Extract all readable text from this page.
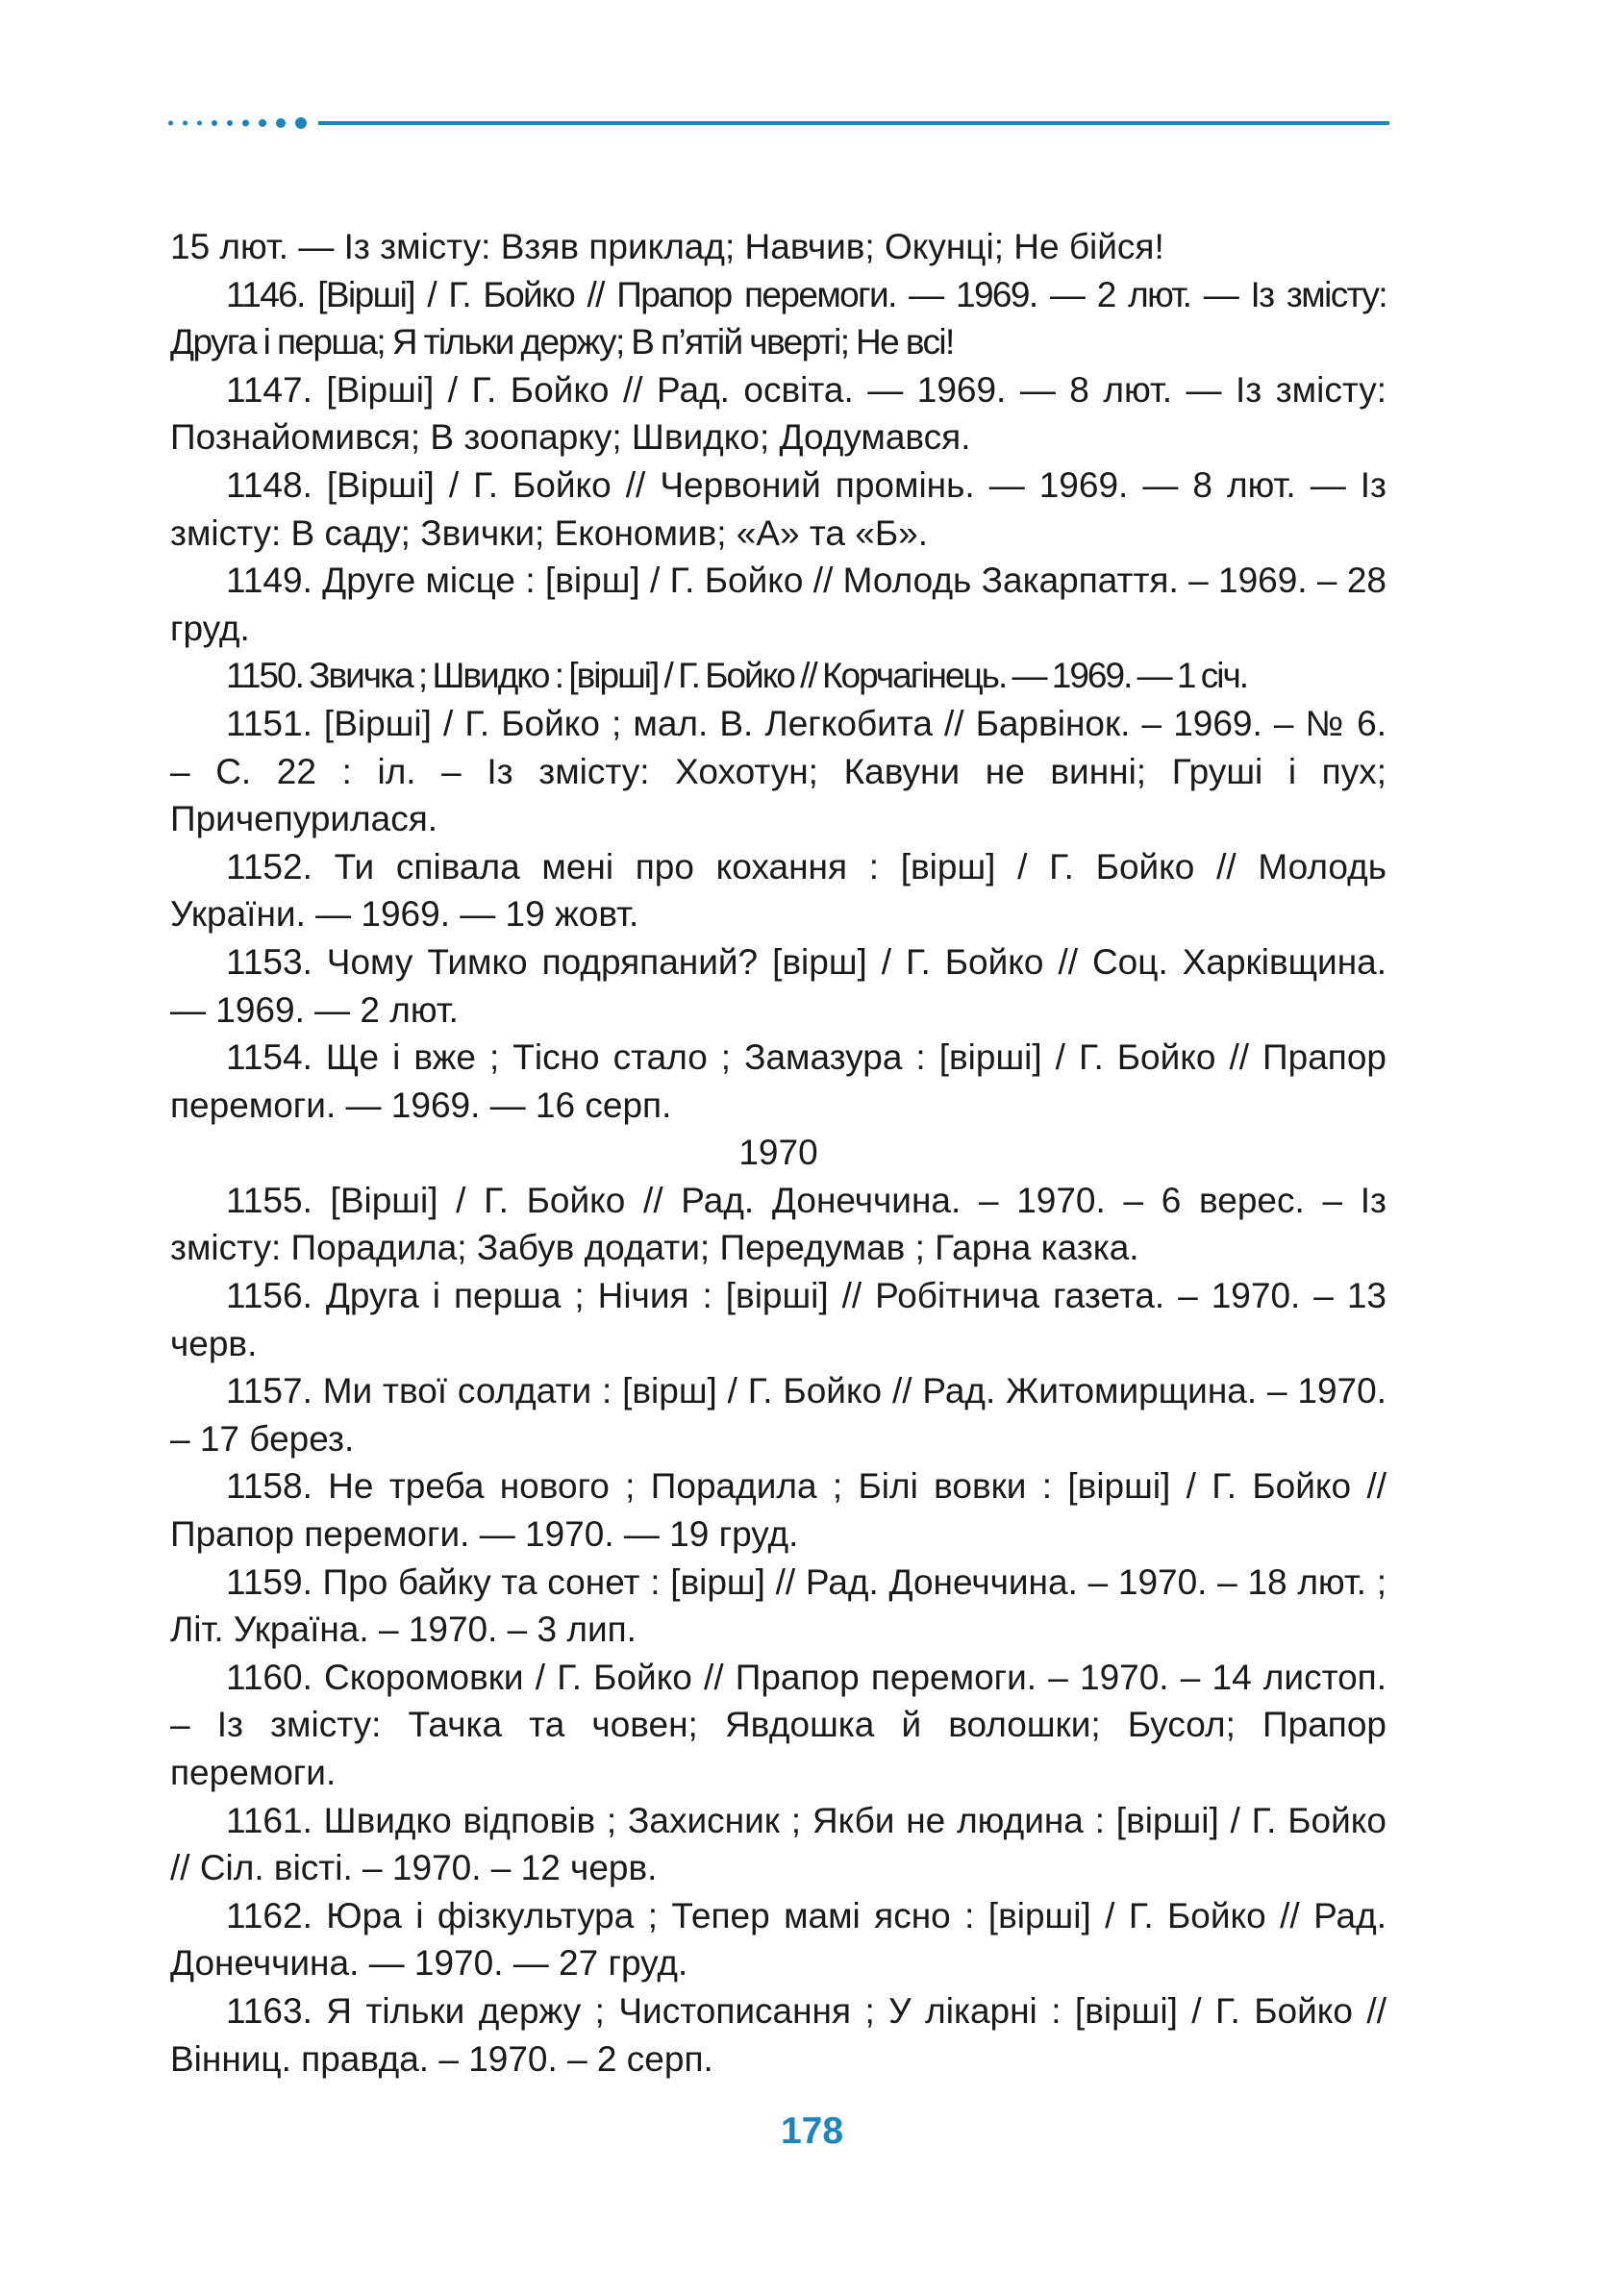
15 лют. — Із змісту: Взяв приклад; Навчив; Окунці; Не бійся!

1146. [Вірші] / Г. Бойко // Прапор перемоги. — 1969. — 2 лют. — Із змісту: Друга і перша; Я тільки держу; В п’ятій чверті; Не всі!

1147. [Вірші] / Г. Бойко // Рад. освіта. — 1969. — 8 лют. — Із змісту: Познайомився; В зоопарку; Швидко; Додумався.

1148. [Вірші] / Г. Бойко // Червоний промінь. — 1969. — 8 лют. — Із змісту: В саду; Звички; Економив; «А» та «Б».

1149. Друге місце : [вірш] / Г. Бойко // Молодь Закарпаття. – 1969. – 28 груд.

1150. Звичка ; Швидко : [вірші] / Г. Бойко // Корчагінець. — 1969. — 1 січ.

1151. [Вірші] / Г. Бойко ; мал. В. Легкобита // Барвінок. – 1969. – № 6. – С. 22 : іл. – Із змісту: Хохотун; Кавуни не винні; Груші і пух; Причепурилася.

1152. Ти співала мені про кохання : [вірш] / Г. Бойко // Молодь України. — 1969. — 19 жовт.

1153. Чому Тимко подряпаний? [вірш] / Г. Бойко // Соц. Харківщина. — 1969. — 2 лют.

1154. Ще і вже ; Тісно стало ; Замазура : [вірші] / Г. Бойко // Прапор перемоги. — 1969. — 16 серп.

1970

1155. [Вірші] / Г. Бойко // Рад. Донеччина. – 1970. – 6 верес. – Із змісту: Порадила; Забув додати; Передумав ; Гарна казка.

1156. Друга і перша ; Нічия : [вірші] // Робітнича газета. – 1970. – 13 черв.

1157. Ми твої солдати : [вірш] / Г. Бойко // Рад. Житомирщина. – 1970. – 17 берез.

1158. Не треба нового ; Порадила ; Білі вовки : [вірші] / Г. Бойко // Прапор перемоги. — 1970. — 19 груд.

1159. Про байку та сонет : [вірш] // Рад. Донеччина. – 1970. – 18 лют. ; Літ. Україна. – 1970. – 3 лип.

1160. Скоромовки / Г. Бойко // Прапор перемоги. – 1970. – 14 листоп. – Із змісту: Тачка та човен; Явдошка й волошки; Бусол; Прапор перемоги.

1161. Швидко відповів ; Захисник ; Якби не людина : [вірші] / Г. Бойко // Сіл. вісті. – 1970. – 12 черв.

1162. Юра і фізкультура ; Тепер мамі ясно : [вірші] / Г. Бойко // Рад. Донеччина. — 1970. — 27 груд.

1163. Я тільки держу ; Чистописання ; У лікарні : [вірші] / Г. Бойко // Вінниц. правда. – 1970. – 2 серп.

178
